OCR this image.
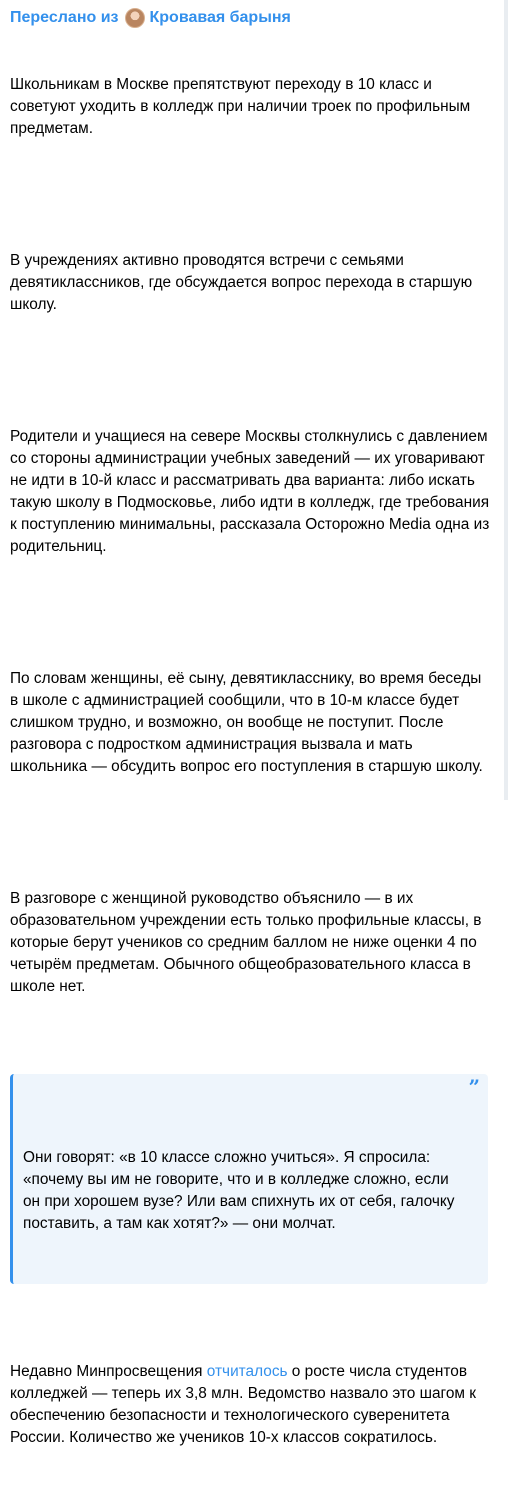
Переслано из Кровавая барыня

Школьникам в Москве препятствуют переходу в 10 класс и советуют уходить в колледж при наличии троек по профильным предметам.

В учреждениях активно проводятся встречи с семьями девятиклассников, где обсуждается вопрос перехода в старшую школу.

Родители и учащиеся на севере Москвы столкнулись с давлением со стороны администрации учебных заведений — их уговаривают не идти в 10-й класс и рассматривать два варианта: либо искать такую школу в Подмосковье, либо идти в колледж, где требования к поступлению минимальны, рассказала Осторожно Media одна из родительниц.

По словам женщины, её сыну, девятикласснику, во время беседы в школе с администрацией сообщили, что в 10-м классе будет слишком трудно, и возможно, он вообще не поступит. После разговора с подростком администрация вызвала и мать школьника — обсудить вопрос его поступления в старшую школу.

В разговоре с женщиной руководство объяснило — в их образовательном учреждении есть только профильные классы, в которые берут учеников со средним баллом не ниже оценки 4 по четырём предметам. Обычного общеобразовательного класса в школе нет.

”

Они говорят: «в 10 классе сложно учиться». Я спросила: «почему вы им не говорите, что и в колледже сложно, если он при хорошем вузе? Или вам спихнуть их от себя, галочку поставить, а там как хотят?» — они молчат.

Недавно Минпросвещения отчиталось о росте числа студентов колледжей — теперь их 3,8 млн. Ведомство назвало это шагом к обеспечению безопасности и технологического суверенитета России. Количество же учеников 10-х классов сократилось.
